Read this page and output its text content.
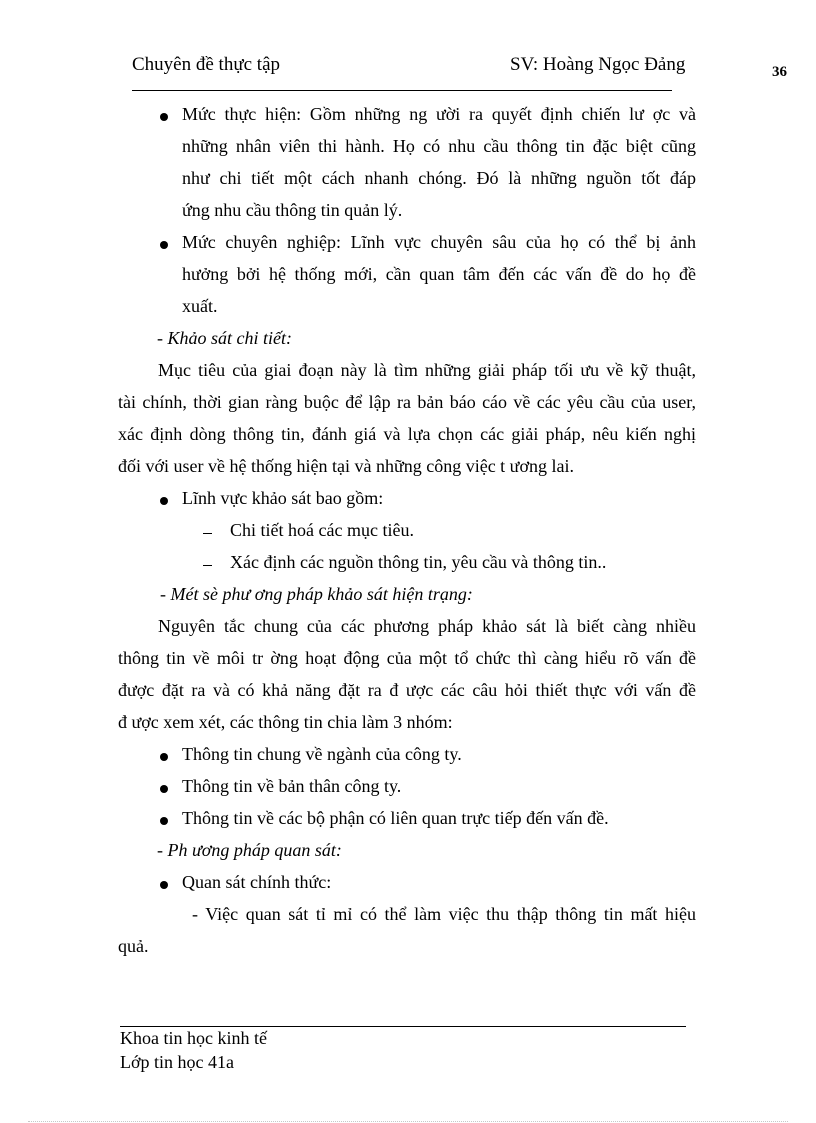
Chuyên đề thực tập	SV: Hoàng Ngọc Đảng	36
Mức thực hiện: Gồm những ng ười ra quyết định chiến lư ợc và
những nhân viên thi hành. Họ có nhu cầu thông tin đặc biệt cũng
như chi tiết một cách nhanh chóng. Đó là những nguồn tốt đáp
ứng nhu cầu thông tin quản lý.
Mức chuyên nghiệp: Lĩnh vực chuyên sâu của họ có thể bị ảnh
hưởng bởi hệ thống mới, cần quan tâm đến các vấn đề do họ đề
xuất.
- Khảo sát chi tiết:
Mục tiêu của giai đoạn này là tìm những giải pháp tối ưu về kỹ thuật,
tài chính, thời gian ràng buộc để lập ra bản báo cáo về các yêu cầu của user,
xác định dòng thông tin, đánh giá và lựa chọn các giải pháp, nêu kiến nghị
đối với user về hệ thống hiện tại và những công việc t ương lai.
Lĩnh vực khảo sát bao gồm:
Chi tiết hoá các mục tiêu.
Xác định các nguồn thông tin, yêu cầu và thông tin..
- Mét sè phư ơng pháp khảo sát hiện trạng:
Nguyên tắc chung của các phương pháp khảo sát là biết càng nhiều
thông tin về môi tr ờng hoạt động của một tổ chức thì càng hiểu rõ vấn đề
được đặt ra và có khả năng đặt ra đ ược các câu hỏi thiết thực với vấn đề
đ ược xem xét, các thông tin chia làm 3 nhóm:
Thông tin chung về ngành của công ty.
Thông tin về bản thân công ty.
Thông tin về các bộ phận có liên quan trực tiếp đến vấn đề.
- Ph ương pháp quan sát:
Quan sát chính thức:
- Việc quan sát tỉ mỉ có thể làm việc thu thập thông tin mất hiệu
quả.
Khoa tin học kinh tế
Lớp tin học 41a
